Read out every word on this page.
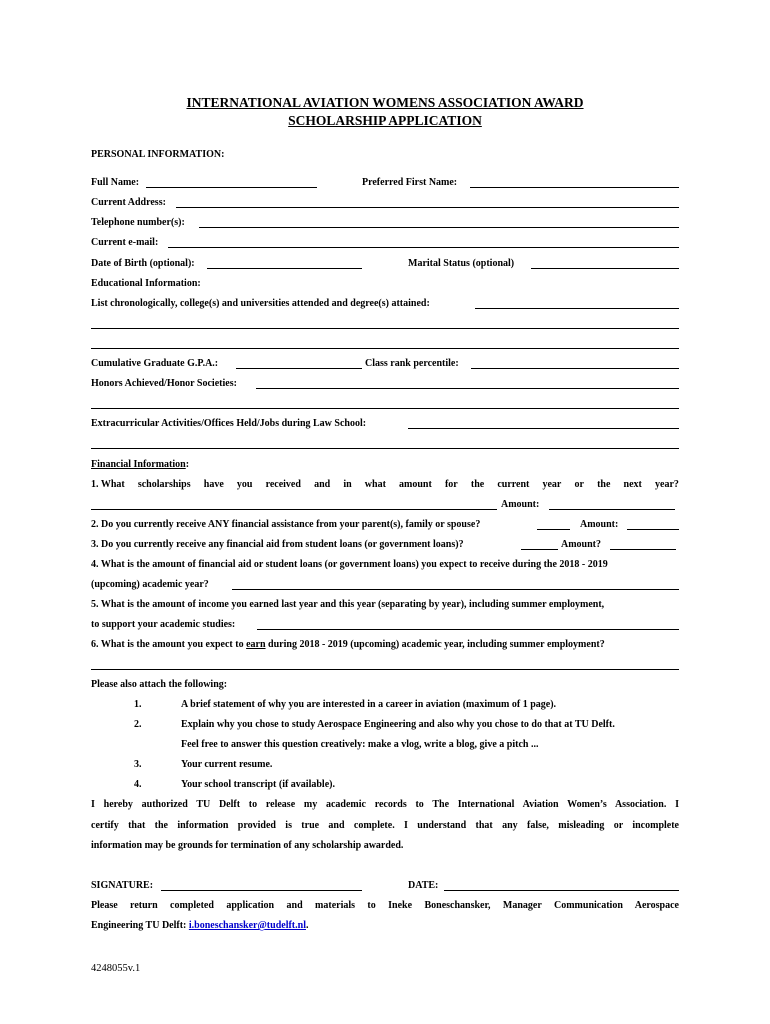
INTERNATIONAL AVIATION WOMENS ASSOCIATION AWARD
SCHOLARSHIP APPLICATION
PERSONAL INFORMATION:
Full Name:	Preferred First Name:
Current Address:
Telephone number(s):
Current e-mail:
Date of Birth (optional):	Marital Status (optional)
Educational Information:
List chronologically, college(s) and universities attended and degree(s) attained:
Cumulative Graduate G.P.A.:	Class rank percentile:
Honors Achieved/Honor Societies:
Extracurricular Activities/Offices Held/Jobs during Law School:
Financial Information:
1. What scholarships have you received and in what amount for the current year or the next year?
Amount:
2. Do you currently receive ANY financial assistance from your parent(s), family or spouse?	Amount:
3. Do you currently receive any financial aid from student loans (or government loans)?	Amount?
4. What is the amount of financial aid or student loans (or government loans) you expect to receive during the 2018 - 2019
(upcoming) academic year?
5. What is the amount of income you earned last year and this year (separating by year), including summer employment,
to support your academic studies:
6. What is the amount you expect to earn during 2018 - 2019 (upcoming) academic year, including summer employment?
Please also attach the following:
1.	A brief statement of why you are interested in a career in aviation (maximum of 1 page).
2.	Explain why you chose to study Aerospace Engineering and also why you chose to do that at TU Delft.
Feel free to answer this question creatively: make a vlog, write a blog, give a pitch ...
3.	Your current resume.
4.	Your school transcript (if available).
I hereby authorized TU Delft to release my academic records to The International Aviation Women’s Association. I
certify that the information provided is true and complete. I understand that any false, misleading or incomplete
information may be grounds for termination of any scholarship awarded.
SIGNATURE:	DATE:
Please return completed application and materials to Ineke Boneschansker, Manager Communication Aerospace
Engineering TU Delft: i.boneschansker@tudelft.nl.
4248055v.1
